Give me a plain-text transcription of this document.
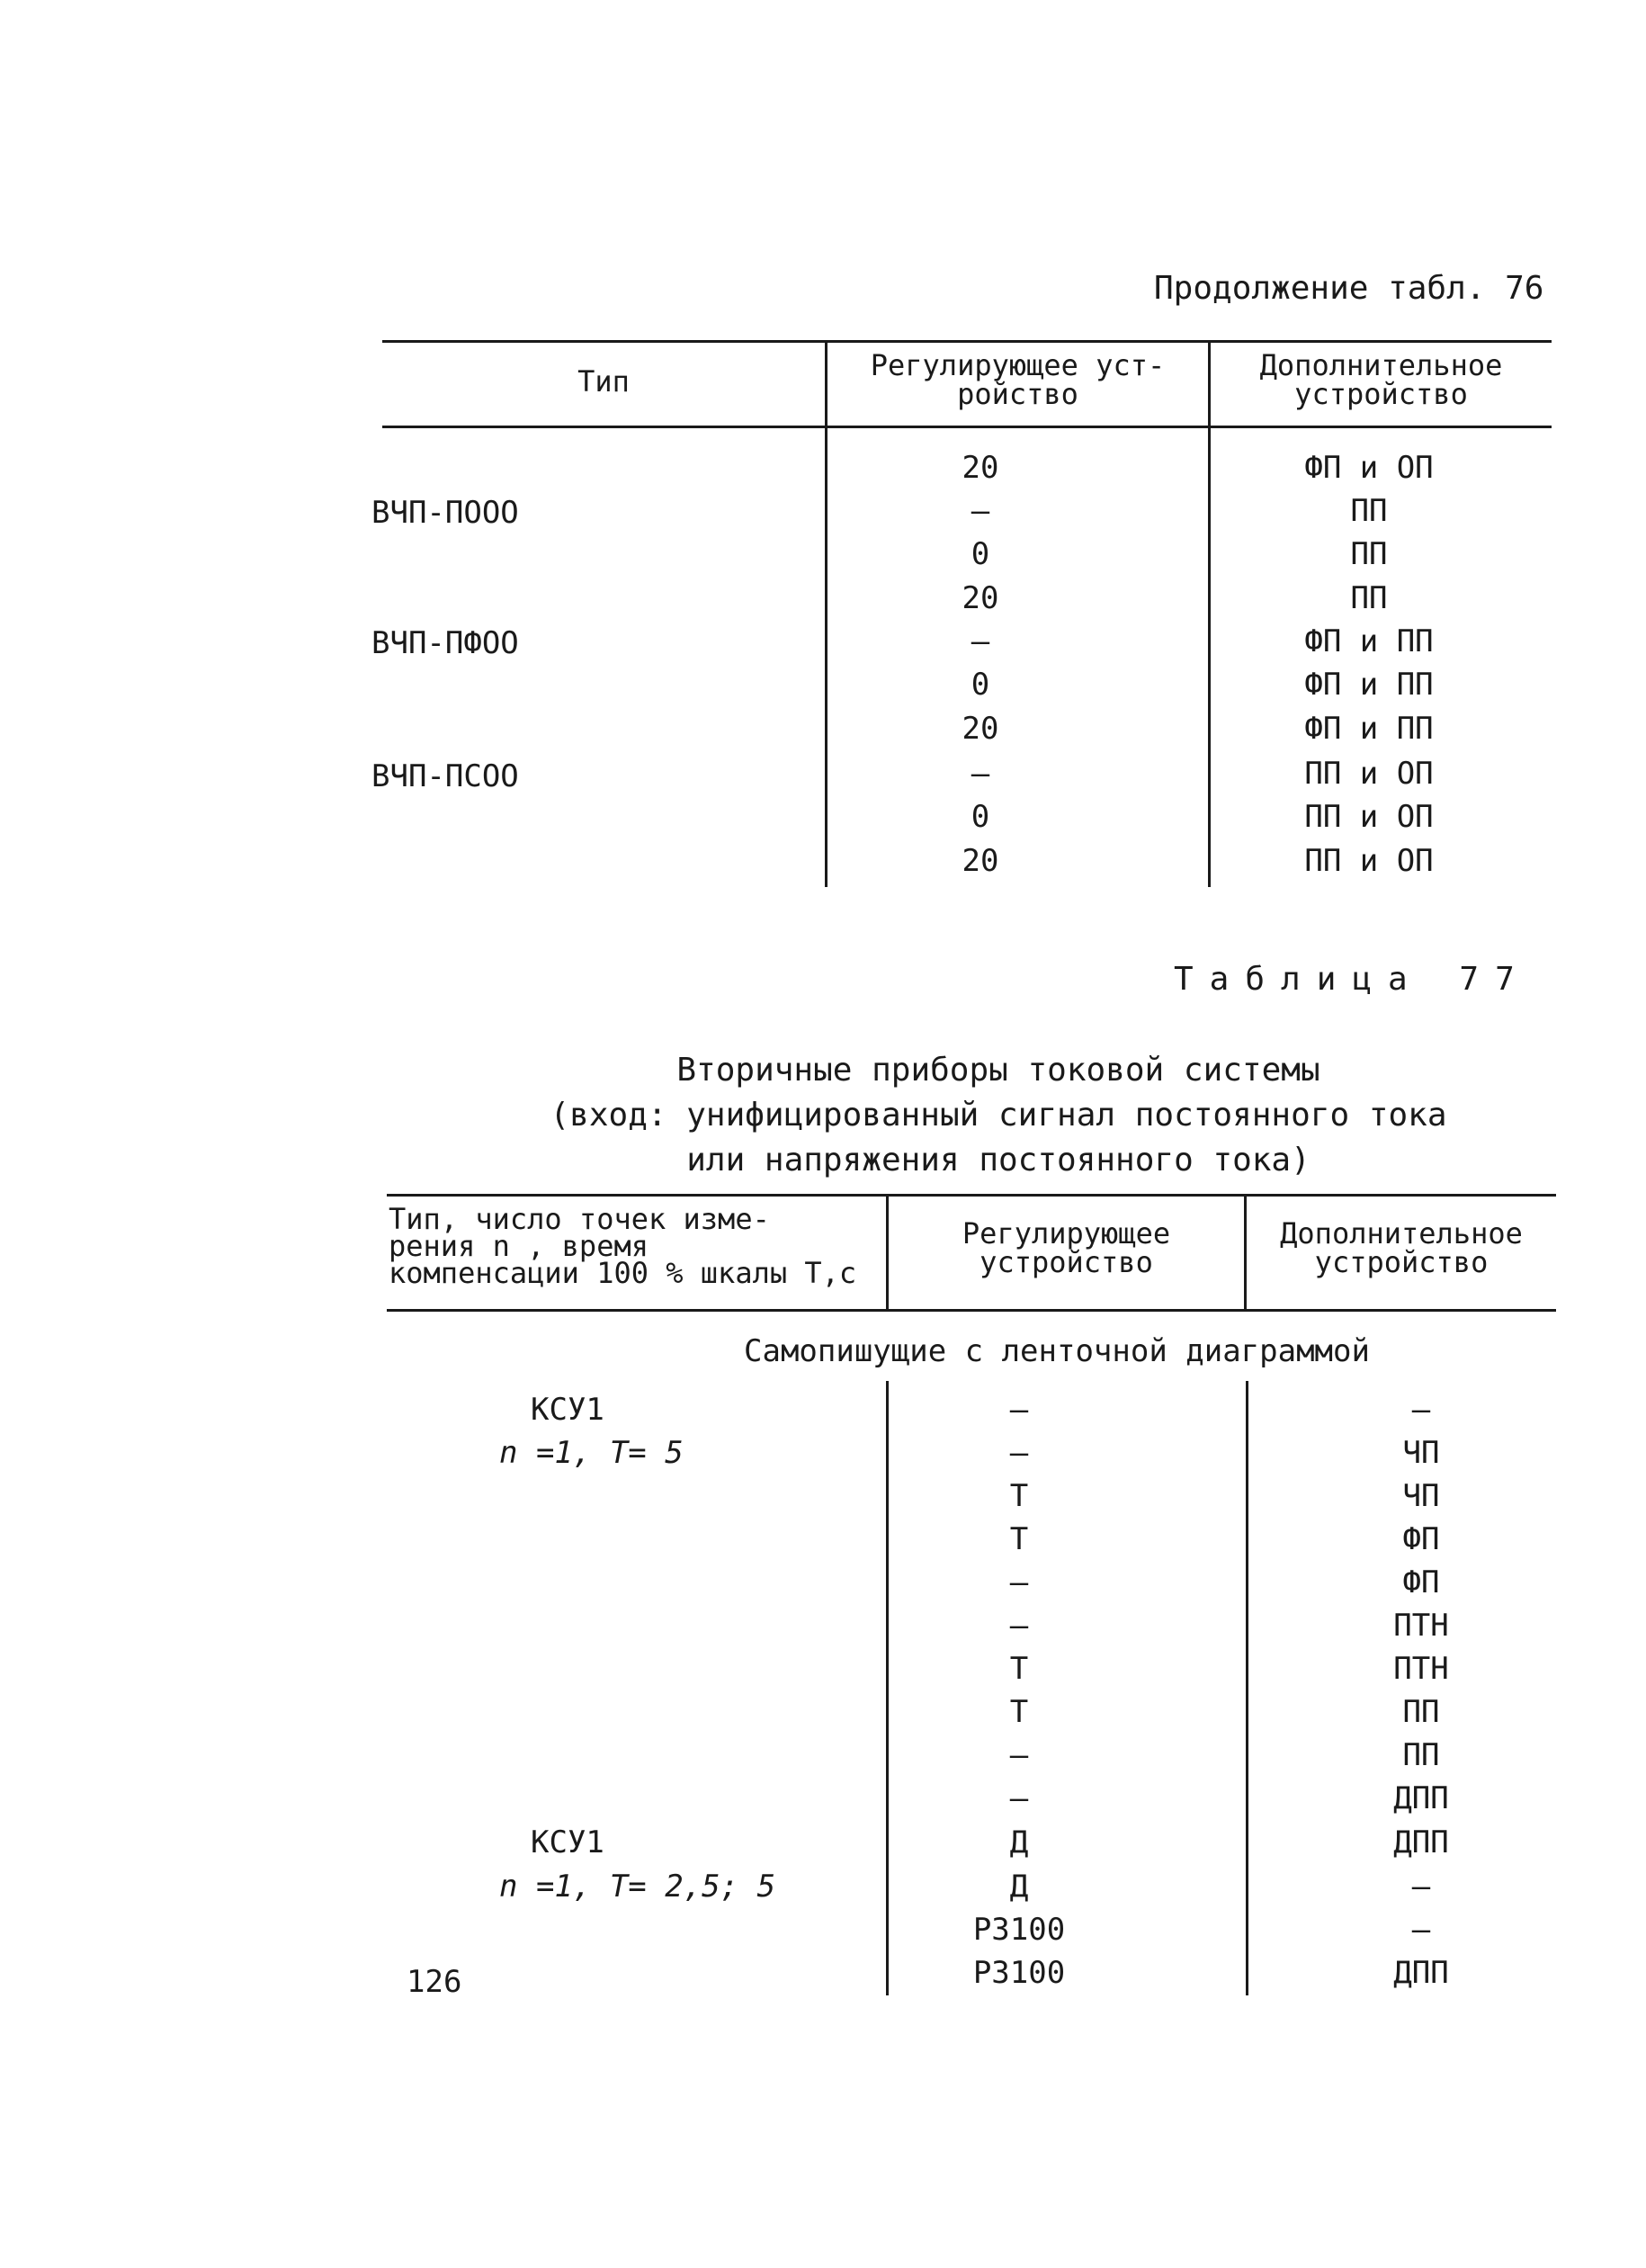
Продолжение табл. 76
Тип	Регулирующее уст-
ройство
Дополнительное
устройство
ВЧП-ПООО
ВЧП-ПФОО
ВЧП-ПСОО
20
–
0
20
–
0
20
–
0
20
ФП и ОП
ПП
ПП
ПП
ФП и ПП
ФП и ПП
ФП и ПП
ПП и ОП
ПП и ОП
ПП и ОП
Таблица 77
Вторичные приборы токовой системы
(вход: унифицированный сигнал постоянного тока
или напряжения постоянного тока)
Тип, число точек изме-
рения n , время
компенсации 100 % шкалы T,c
Регулирующее
устройство
Дополнительное
устройство
Самопишущие с ленточной диаграммой
КСУ1
n =1, T= 5
КСУ1
n =1, T= 2,5; 5
–
–
Т
Т
–
–
Т
Т
–
–
Д
Д
Р3100
Р3100
–
ЧП
ЧП
ФП
ФП
ПТН
ПТН
ПП
ПП
ДПП
ДПП
–
–
ДПП
126
